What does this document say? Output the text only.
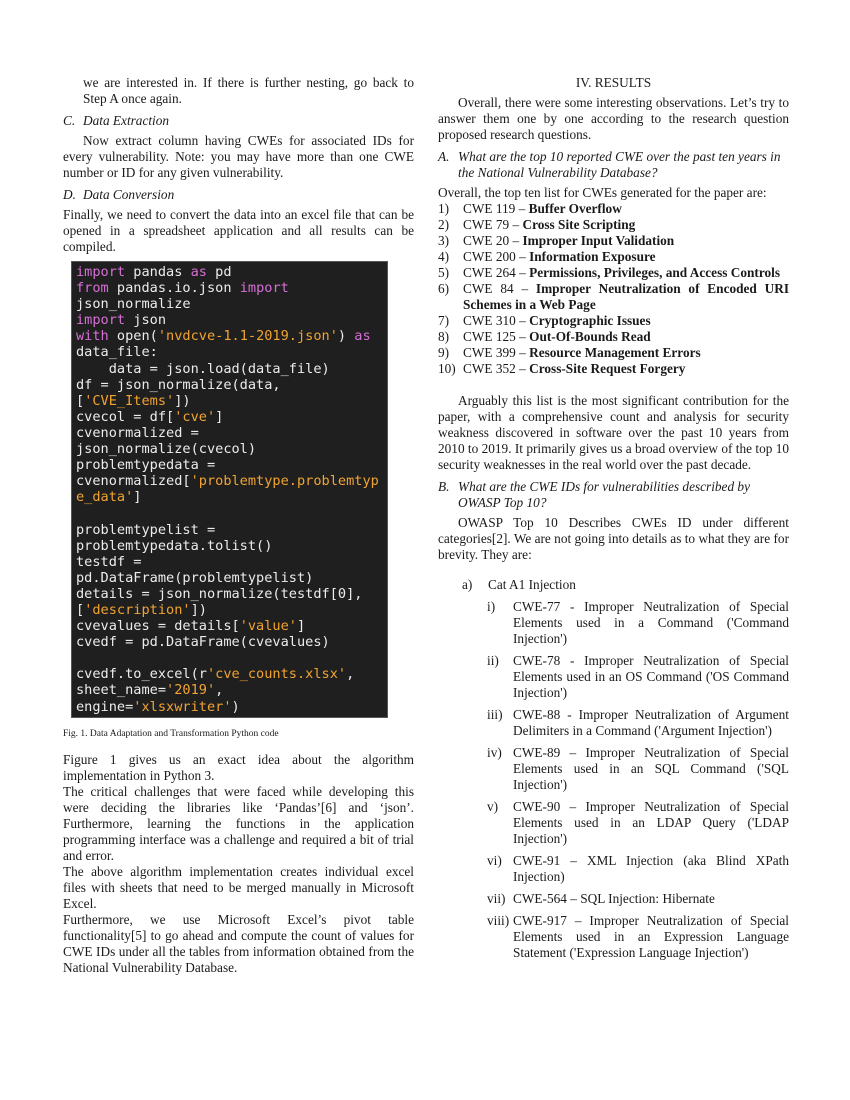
we are interested in. If there is further nesting, go back to Step A once again.

C. Data Extraction

Now extract column having CWEs for associated IDs for every vulnerability. Note: you may have more than one CWE number or ID for any given vulnerability.

D. Data Conversion

Finally, we need to convert the data into an excel file that can be opened in a spreadsheet application and all results can be compiled.

import pandas as pd
from pandas.io.json import
json_normalize
import json
with open('nvdcve-1.1-2019.json') as
data_file:
data = json.load(data_file)
df = json_normalize(data,
['CVE_Items'])
cvecol = df['cve']
cvenormalized =
json_normalize(cvecol)
problemtypedata =
cvenormalized['problemtype.problemtyp
e_data']
problemtypelist =
problemtypedata.tolist()
testdf =
pd.DataFrame(problemtypelist)
details = json_normalize(testdf[0],
['description'])
cvevalues = details['value']
cvedf = pd.DataFrame(cvevalues)
cvedf.to_excel(r'cve_counts.xlsx',
sheet_name='2019',
engine='xlsxwriter')
Fig. 1. Data Adaptation and Transformation Python code

Figure 1 gives us an exact idea about the algorithm implementation in Python 3.

The critical challenges that were faced while developing this were deciding the libraries like ‘Pandas’[6] and ‘json’. Furthermore, learning the functions in the application programming interface was a challenge and required a bit of trial and error.

The above algorithm implementation creates individual excel files with sheets that need to be merged manually in Microsoft Excel.

Furthermore, we use Microsoft Excel’s pivot table functionality[5] to go ahead and compute the count of values for CWE IDs under all the tables from information obtained from the National Vulnerability Database.

IV. RESULTS

Overall, there were some interesting observations. Let’s try to answer them one by one according to the research question proposed research questions.

A. What are the top 10 reported CWE over the past ten years in the National Vulnerability Database?

Overall, the top ten list for CWEs generated for the paper are:

1)	CWE 119 – Buffer Overflow
2)	CWE 79 – Cross Site Scripting
3)	CWE 20 – Improper Input Validation
4)	CWE 200 – Information Exposure
5)	CWE 264 – Permissions, Privileges, and Access Controls
6)	CWE 84 – Improper Neutralization of Encoded URI Schemes in a Web Page
7)	CWE 310 – Cryptographic Issues
8)	CWE 125 – Out-Of-Bounds Read
9)	CWE 399 – Resource Management Errors
10) CWE 352 – Cross-Site Request Forgery

Arguably this list is the most significant contribution for the paper, with a comprehensive count and analysis for security weakness discovered in software over the past 10 years from 2010 to 2019. It primarily gives us a broad overview of the top 10 security weaknesses in the real world over the past decade.

B. What are the CWE IDs for vulnerabilities described by OWASP Top 10?

OWASP Top 10 Describes CWEs ID under different categories[2]. We are not going into details as to what they are for brevity. They are:

a) Cat A1 Injection
i)	CWE-77 - Improper Neutralization of Special Elements used in a Command ('Command Injection')
ii)	CWE-78 - Improper Neutralization of Special Elements used in an OS Command ('OS Command Injection')
iii) CWE-88 - Improper Neutralization of Argument Delimiters in a Command ('Argument Injection')
iv) CWE-89 – Improper Neutralization of Special Elements used in an SQL Command ('SQL Injection')
v)	CWE-90 – Improper Neutralization of Special Elements used in an LDAP Query ('LDAP Injection')
vi) CWE-91 – XML Injection (aka Blind XPath Injection)
vii) CWE-564 – SQL Injection: Hibernate
viii) CWE-917 – Improper Neutralization of Special Elements used in an Expression Language Statement ('Expression Language Injection')
